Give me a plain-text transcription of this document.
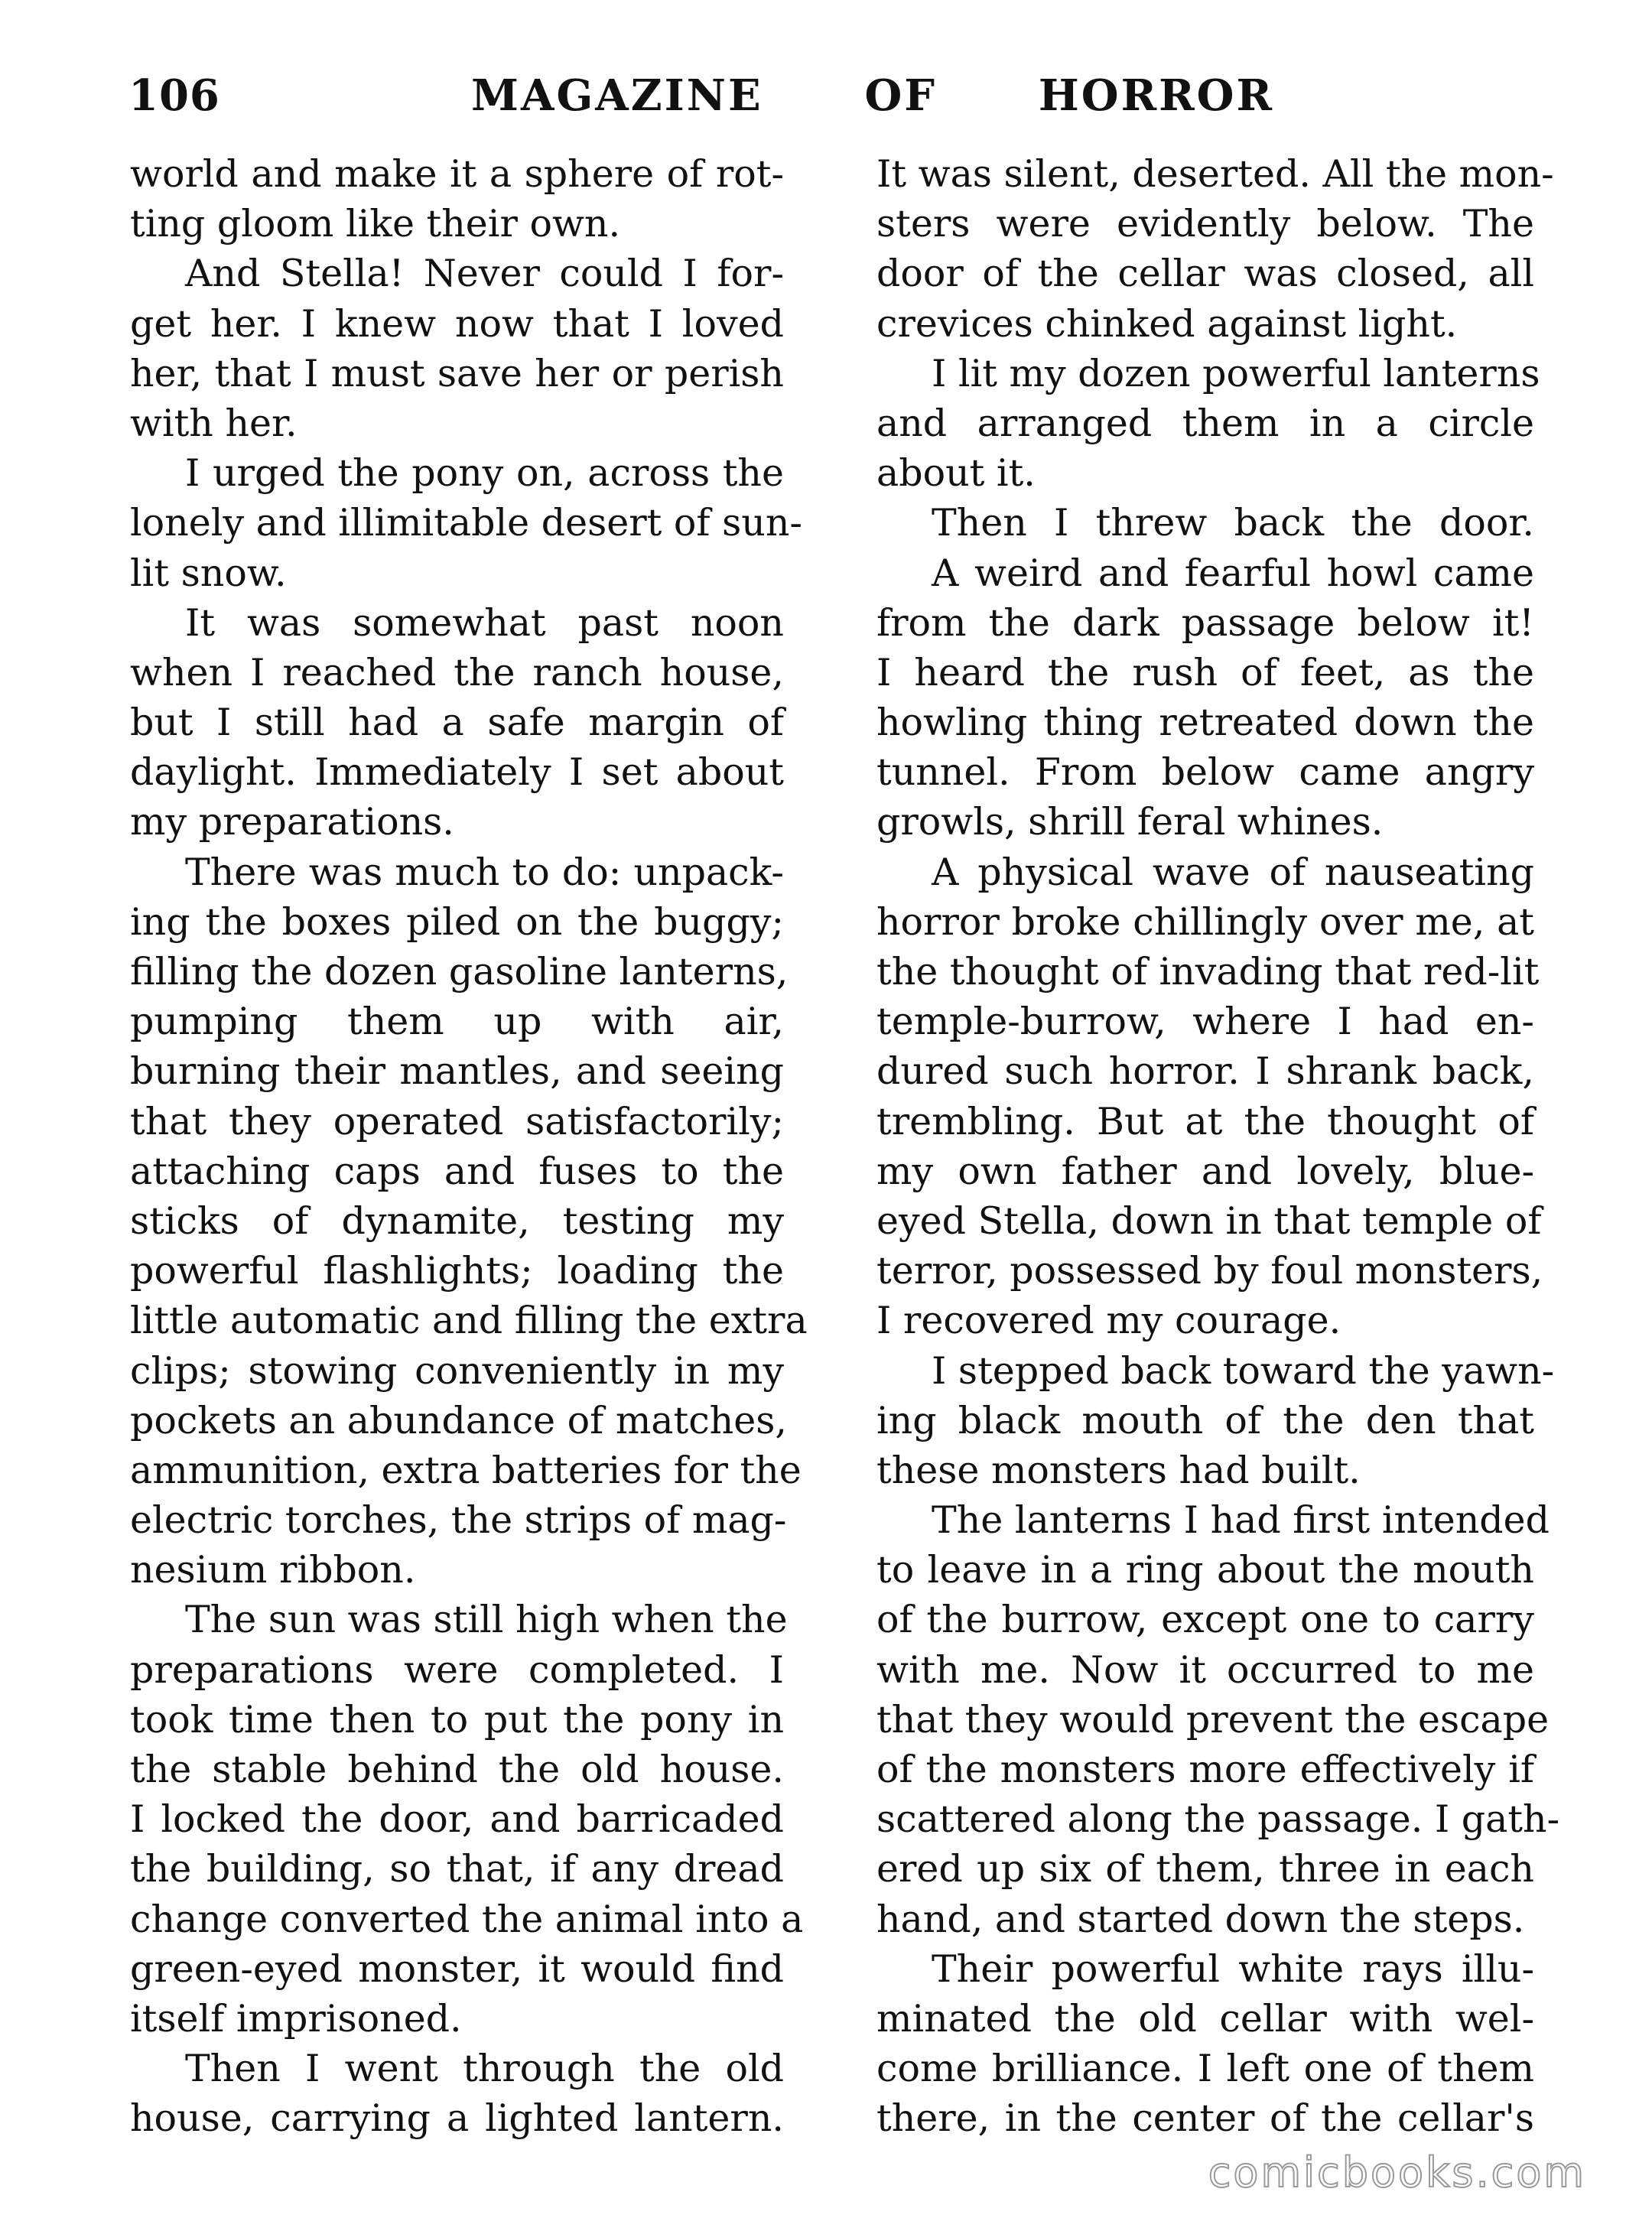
106	MAGAZINE OF HORROR
world and make it a sphere of rot-
ting gloom like their own.
And Stella! Never could I for-
get her. I knew now that I loved
her, that I must save her or perish
with her.
I urged the pony on, across the
lonely and illimitable desert of sun-
lit snow.
It was somewhat past noon
when I reached the ranch house,
but I still had a safe margin of
daylight. Immediately I set about
my preparations.
There was much to do: unpack-
ing the boxes piled on the buggy;
filling the dozen gasoline lanterns,
pumping them up with air,
burning their mantles, and seeing
that they operated satisfactorily;
attaching caps and fuses to the
sticks of dynamite, testing my
powerful flashlights; loading the
little automatic and filling the extra
clips; stowing conveniently in my
pockets an abundance of matches,
ammunition, extra batteries for the
electric torches, the strips of mag-
nesium ribbon.
The sun was still high when the
preparations were completed. I
took time then to put the pony in
the stable behind the old house.
I locked the door, and barricaded
the building, so that, if any dread
change converted the animal into a
green-eyed monster, it would find
itself imprisoned.
Then I went through the old
house, carrying a lighted lantern.
It was silent, deserted. All the mon-
sters were evidently below. The
door of the cellar was closed, all
crevices chinked against light.
I lit my dozen powerful lanterns
and arranged them in a circle
about it.
Then I threw back the door.
A weird and fearful howl came
from the dark passage below it!
I heard the rush of feet, as the
howling thing retreated down the
tunnel. From below came angry
growls, shrill feral whines.
A physical wave of nauseating
horror broke chillingly over me, at
the thought of invading that red-lit
temple-burrow, where I had en-
dured such horror. I shrank back,
trembling. But at the thought of
my own father and lovely, blue-
eyed Stella, down in that temple of
terror, possessed by foul monsters,
I recovered my courage.
I stepped back toward the yawn-
ing black mouth of the den that
these monsters had built.
The lanterns I had first intended
to leave in a ring about the mouth
of the burrow, except one to carry
with me. Now it occurred to me
that they would prevent the escape
of the monsters more effectively if
scattered along the passage. I gath-
ered up six of them, three in each
hand, and started down the steps.
Their powerful white rays illu-
minated the old cellar with wel-
come brilliance. I left one of them
there, in the center of the cellar's
comicbooks.com
